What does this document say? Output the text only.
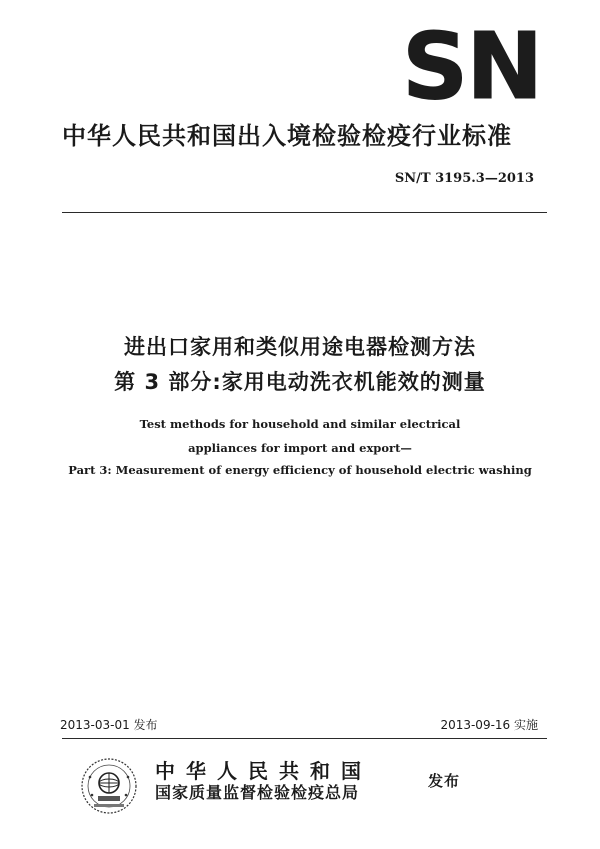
SN
中华人民共和国出入境检验检疫行业标准
SN/T 3195.3—2013
进出口家用和类似用途电器检测方法
第 3 部分:家用电动洗衣机能效的测量
Test methods for household and similar electrical
appliances for import and export—
Part 3: Measurement of energy efficiency of household electric washing
2013-03-01 发布	2013-09-16 实施
中华人民共和国
国家质量监督检验检疫总局
发布
